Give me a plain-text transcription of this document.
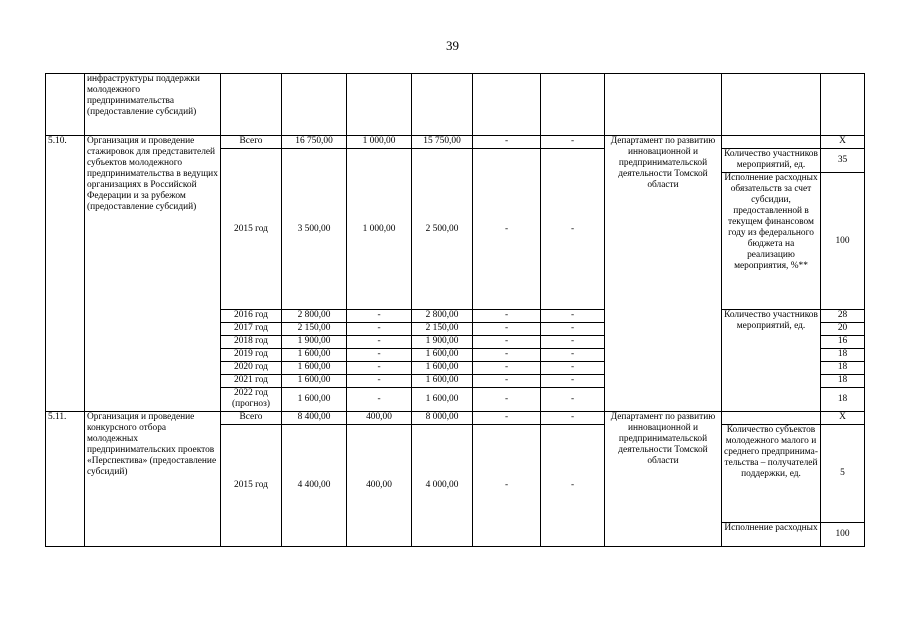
39
	инфраструктуры поддержки молодежного предпринимательства (предоставление субсидий)									
5.10.	Организация и проведение стажировок для представителей субъектов молодежного предпринимательства в ведущих организациях в Российской Федерации и за рубежом (предоставление субсидий)	Всего	16 750,00	1 000,00	15 750,00	-	-	Департамент по развитию инновационной и предпринимательской деятельности Томской области		X
		2015 год	3 500,00	1 000,00	2 500,00	-	-		Количество участников мероприятий, ед.	35
									Исполнение расходных обязательств за счет субсидии, предоставленной в текущем финансовом году из федерального бюджета на реализацию мероприятия, %**	100
		2016 год	2 800,00	-	2 800,00	-	-		Количество участников мероприятий, ед.	28
		2017 год	2 150,00	-	2 150,00	-	-			20
		2018 год	1 900,00	-	1 900,00	-	-			16
		2019 год	1 600,00	-	1 600,00	-	-			18
		2020 год	1 600,00	-	1 600,00	-	-			18
		2021 год	1 600,00	-	1 600,00	-	-			18
		2022 год (прогноз)	1 600,00	-	1 600,00	-	-			18
5.11.	Организация и проведение конкурсного отбора молодежных предпринимательских проектов «Перспектива» (предоставление субсидий)	Всего	8 400,00	400,00	8 000,00	-	-	Департамент по развитию инновационной и предпринимательской деятельности Томской области		X
		2015 год	4 400,00	400,00	4 000,00	-	-		Количество субъектов молодежного малого и среднего предпринима-тельства – получателей поддержки, ед.	5
									Исполнение расходных	100
